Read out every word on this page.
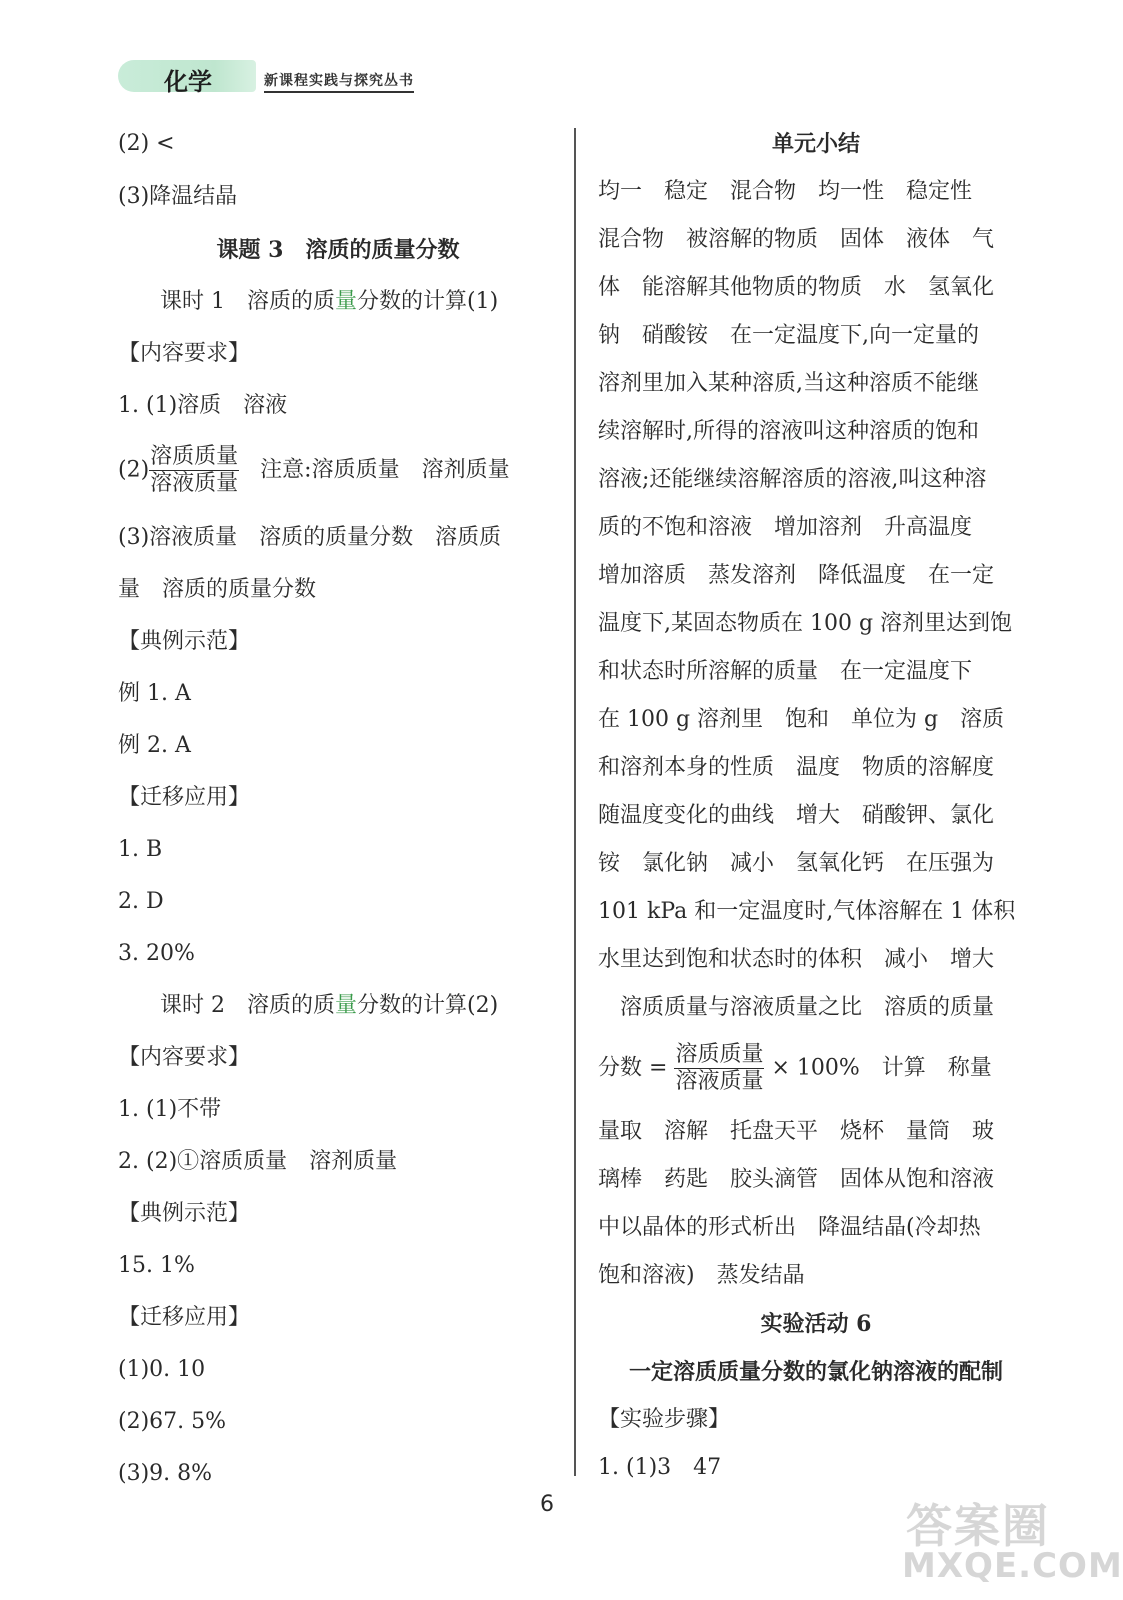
化学	新课程实践与探究丛书
(2) <
(3)降温结晶
课题 3　溶质的质量分数
课时 1　溶质的质量分数的计算(1)
【内容要求】
1. (1)溶质　溶液
$(2) \frac{\text{溶质质量}}{\text{溶液质量}}$ 注意:溶质质量　溶剂质量
(3)溶液质量　溶质的质量分数　溶质质
量　溶质的质量分数
【典例示范】
例 1. A
例 2. A
【迁移应用】
1. B
2. D
3. 20%
课时 2　溶质的质量分数的计算(2)
【内容要求】
1. (1)不带
2. (2)①溶质质量　溶剂质量
【典例示范】
15. 1%
【迁移应用】
(1)0. 10
(2)67. 5%
(3)9. 8%
单元小结
均一　稳定　混合物　均一性　稳定性
混合物　被溶解的物质　固体　液体　气
体　能溶解其他物质的物质　水　氢氧化
钠　硝酸铵　在一定温度下,向一定量的
溶剂里加入某种溶质,当这种溶质不能继
续溶解时,所得的溶液叫这种溶质的饱和
溶液;还能继续溶解溶质的溶液,叫这种溶
质的不饱和溶液　增加溶剂　升高温度
增加溶质　蒸发溶剂　降低温度　在一定
温度下,某固态物质在 100 g 溶剂里达到饱
和状态时所溶解的质量　在一定温度下
在 100 g 溶剂里　饱和　单位为 g　溶质
和溶剂本身的性质　温度　物质的溶解度
随温度变化的曲线　增大　硝酸钾、氯化
铵　氯化钠　减小　氢氧化钙　在压强为
101 kPa 和一定温度时,气体溶解在 1 体积
水里达到饱和状态时的体积　减小　增大
溶质质量与溶液质量之比　溶质的质量
分数 = $\frac{\text{溶质质量}}{\text{溶液质量}} \times 100\%$　计算　称量
量取　溶解　托盘天平　烧杯　量筒　玻
璃棒　药匙　胶头滴管　固体从饱和溶液
中以晶体的形式析出　降温结晶(冷却热
饱和溶液)　蒸发结晶
实验活动 6
一定溶质质量分数的氯化钠溶液的配制
【实验步骤】
1. (1)3　47
6	答案圈
MXQE.COM
